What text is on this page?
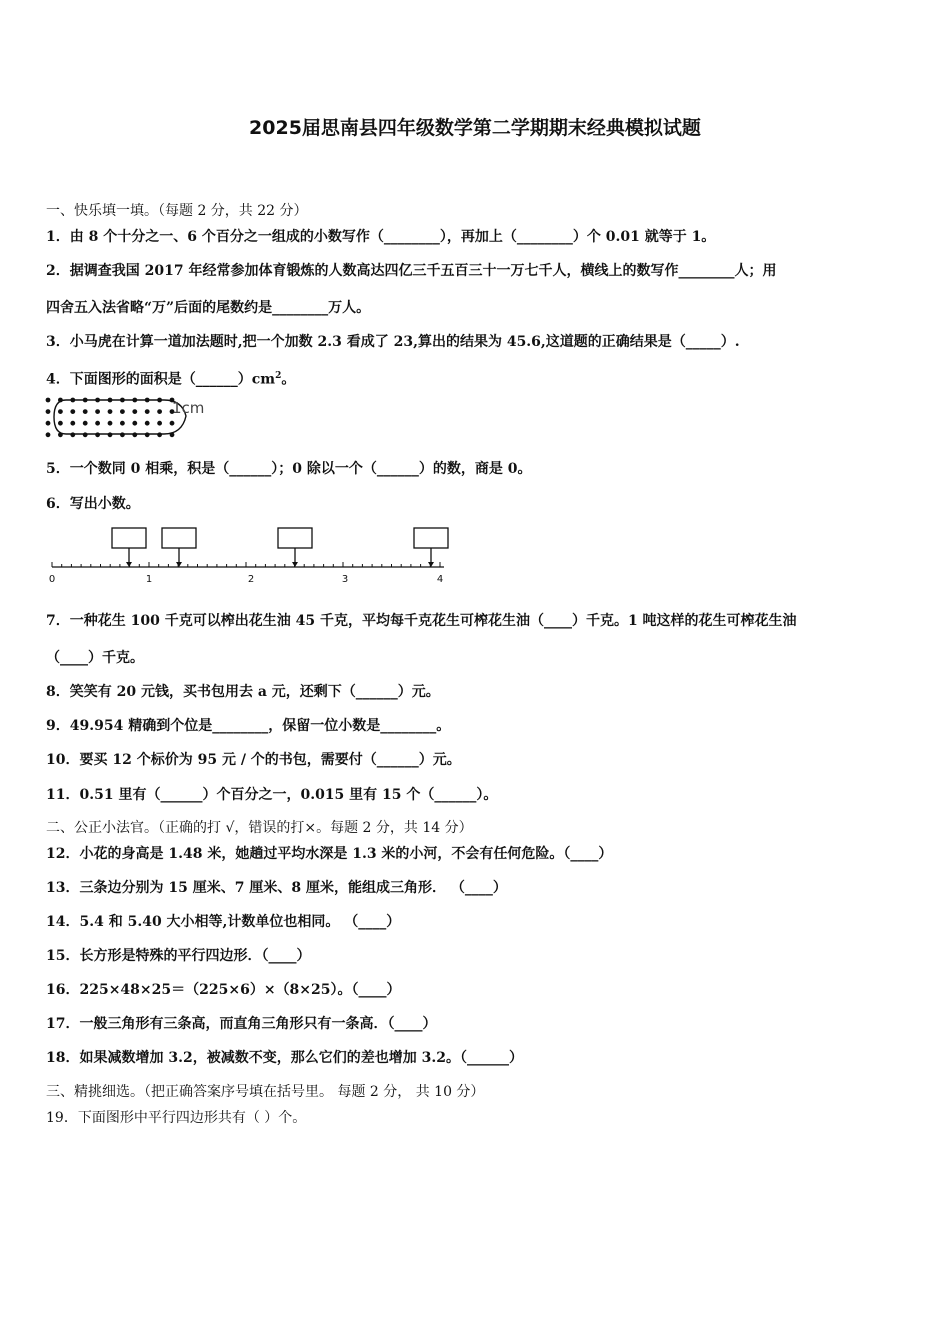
2025届思南县四年级数学第二学期期末经典模拟试题
一、快乐填一填。（每题 2 分，共 22 分）
1．由 8 个十分之一、6 个百分之一组成的小数写作（________），再加上（________）个 0.01 就等于 1。
2．据调查我国 2017 年经常参加体育锻炼的人数高达四亿三千五百三十一万七千人，横线上的数写作________人；用
四舍五入法省略“万”后面的尾数约是________万人。
3．小马虎在计算一道加法题时,把一个加数 2.3 看成了 23,算出的结果为 45.6,这道题的正确结果是（_____）.
4．下面图形的面积是$(\_\_\_\_\_\_)cm^2$。
1cm
5．一个数同 0 相乘，积是（______）；0 除以一个（______）的数，商是 0。
6．写出小数。
0	1	2	3	4
7．一种花生 100 千克可以榨出花生油 45 千克，平均每千克花生可榨花生油（____）千克。1 吨这样的花生可榨花生油
（____）千克。
8．笑笑有 20 元钱，买书包用去 a 元，还剩下（______）元。
9．49.954 精确到个位是________，保留一位小数是________。
10．要买 12 个标价为 95 元 / 个的书包，需要付（______）元。
11．0.51 里有（______）个百分之一，0.015 里有 15 个（______）。
二、公正小法官。（正确的打 √，错误的打×。每题 2 分，共 14 分）
12．小花的身高是 1.48 米，她趟过平均水深是 1.3 米的小河，不会有任何危险。（____）
13．三条边分别为 15 厘米、7 厘米、8 厘米，能组成三角形． （____）
14．5.4 和 5.40 大小相等,计数单位也相同。 （____）
15．长方形是特殊的平行四边形．（____）
16．225×48×25＝（225×6）×（8×25）。（____）
17．一般三角形有三条高，而直角三角形只有一条高．（____）
18．如果减数增加 3.2，被减数不变，那么它们的差也增加 3.2。（______）
三、精挑细选。（把正确答案序号填在括号里。 每题 2 分， 共 10 分）
19．下面图形中平行四边形共有（ ）个。
